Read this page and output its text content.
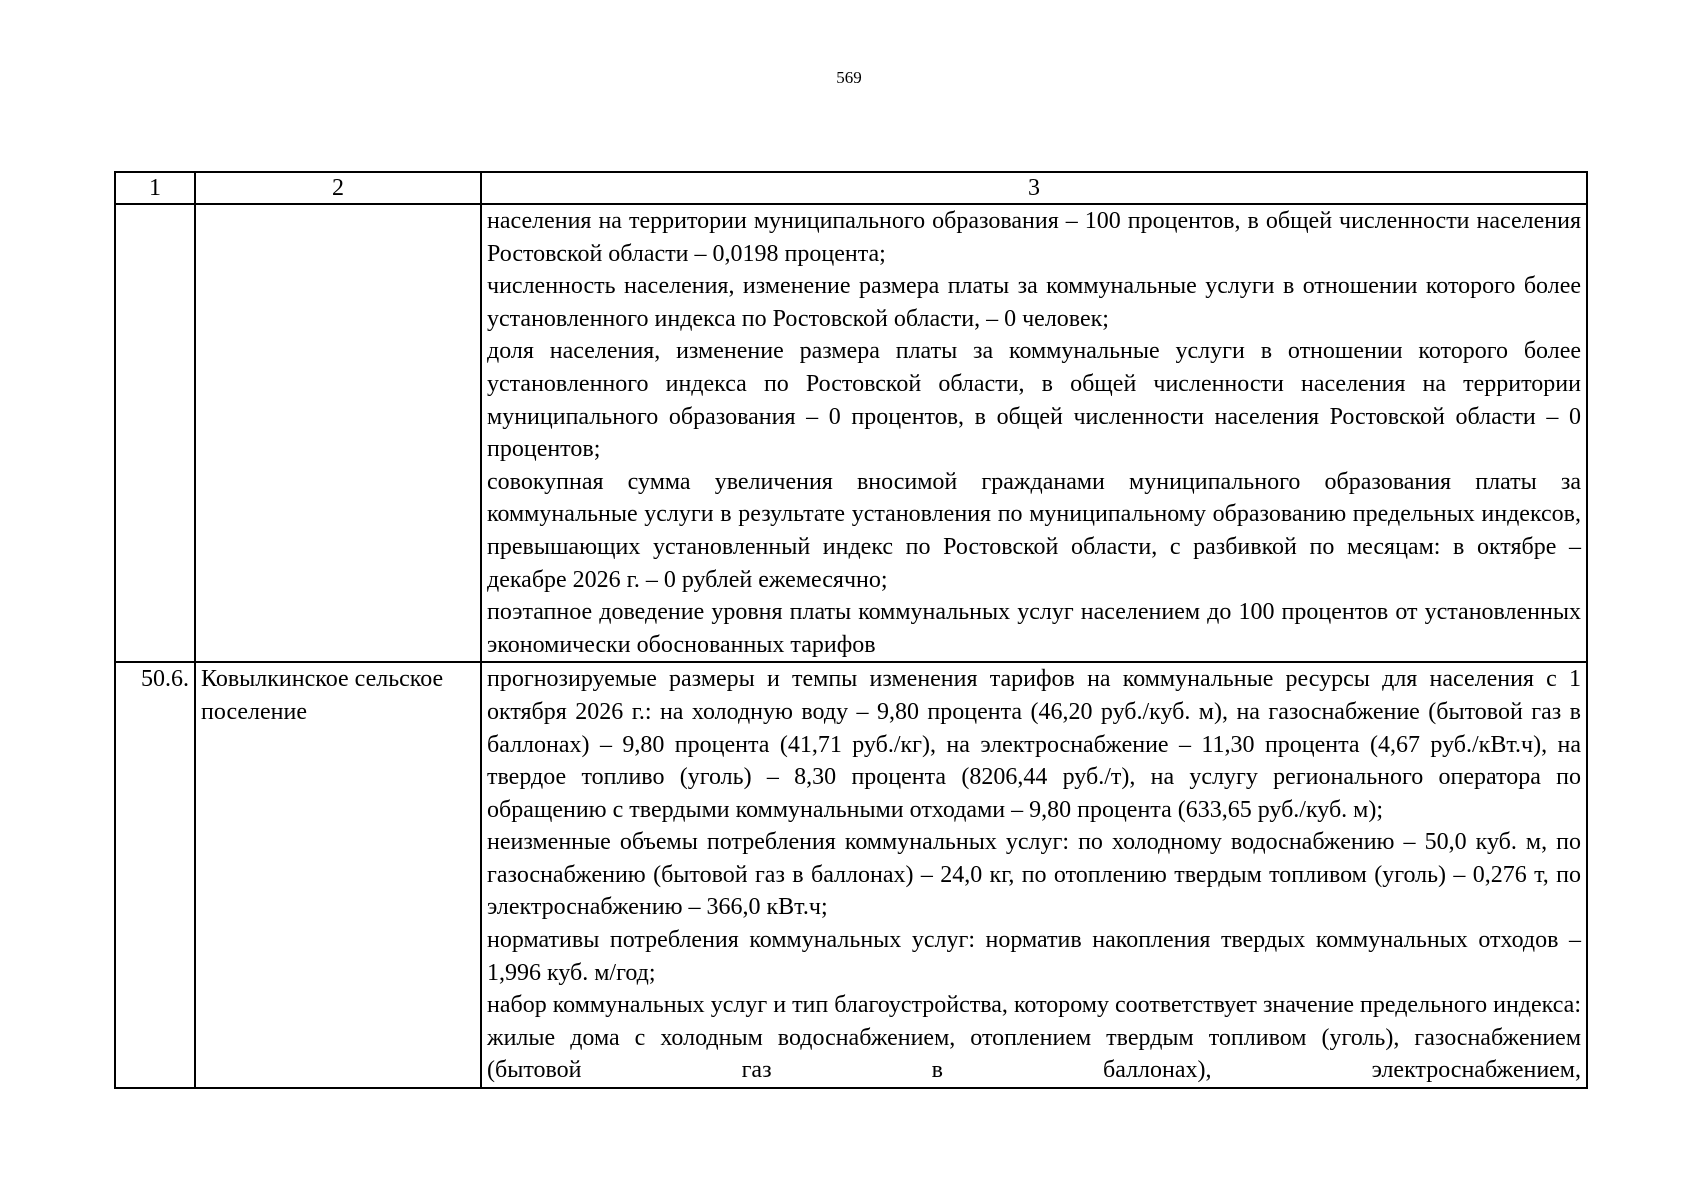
569
1	2	3

		населения на территории муниципального образования – 100 процентов, в общей численности населения Ростовской области – 0,0198 процента;

численность населения, изменение размера платы за коммунальные услуги в отношении которого более установленного индекса по Ростовской области, – 0 человек;

доля населения, изменение размера платы за коммунальные услуги в отношении которого более установленного индекса по Ростовской области, в общей численности населения на территории муниципального образования – 0 процентов, в общей численности населения Ростовской области – 0 процентов;

совокупная сумма увеличения вносимой гражданами муниципального образования платы за коммунальные услуги в результате установления по муниципальному образованию предельных индексов, превышающих установленный индекс по Ростовской области, с разбивкой по месяцам: в октябре – декабре 2026 г. – 0 рублей ежемесячно;

поэтапное доведение уровня платы коммунальных услуг населением до 100 процентов от установленных экономически обоснованных тарифов

50.6.	Ковылкинское сельское поселение	прогнозируемые размеры и темпы изменения тарифов на коммунальные ресурсы для населения с 1 октября 2026 г.: на холодную воду – 9,80 процента (46,20 руб./куб. м), на газоснабжение (бытовой газ в баллонах) – 9,80 процента (41,71 руб./кг), на электроснабжение – 11,30 процента (4,67 руб./кВт.ч), на твердое топливо (уголь) – 8,30 процента (8206,44 руб./т), на услугу регионального оператора по обращению с твердыми коммунальными отходами – 9,80 процента (633,65 руб./куб. м);

неизменные объемы потребления коммунальных услуг: по холодному водоснабжению – 50,0 куб. м, по газоснабжению (бытовой газ в баллонах) – 24,0 кг, по отоплению твердым топливом (уголь) – 0,276 т, по электроснабжению – 366,0 кВт.ч;

нормативы потребления коммунальных услуг: норматив накопления твердых коммунальных отходов – 1,996 куб. м/год;

набор коммунальных услуг и тип благоустройства, которому соответствует значение предельного индекса: жилые дома с холодным водоснабжением, отоплением твердым топливом (уголь), газоснабжением (бытовой газ в баллонах), электроснабжением,
